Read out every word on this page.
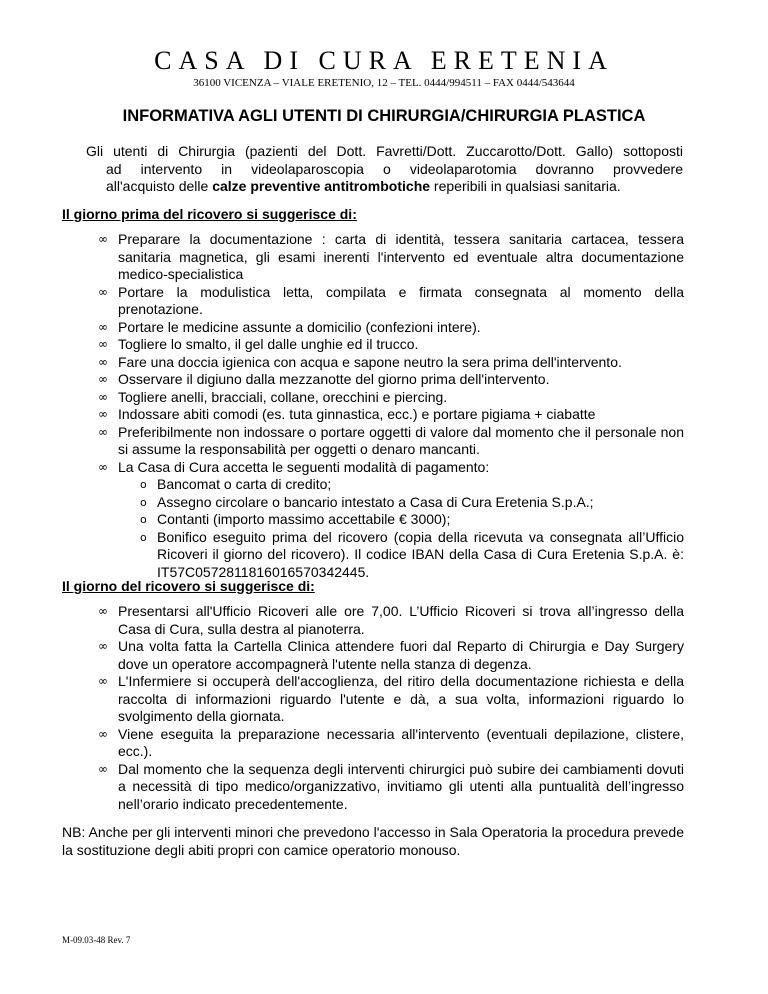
CASA DI CURA ERETENIA
36100 VICENZA – VIALE ERETENIO, 12 – TEL. 0444/994511 – FAX 0444/543644
INFORMATIVA AGLI UTENTI DI CHIRURGIA/CHIRURGIA PLASTICA
Gli utenti di Chirurgia (pazienti del Dott. Favretti/Dott. Zuccarotto/Dott. Gallo) sottoposti
ad intervento in videolaparoscopia o videolaparotomia dovranno provvedere
all'acquisto delle calze preventive antitrombotiche reperibili in qualsiasi sanitaria.
Il giorno prima del ricovero si suggerisce di:
∞ Preparare la documentazione : carta di identità, tessera sanitaria cartacea, tessera sanitaria magnetica, gli esami inerenti l'intervento ed eventuale altra documentazione medico-specialistica
∞ Portare la modulistica letta, compilata e firmata consegnata al momento della prenotazione.
∞ Portare le medicine assunte a domicilio (confezioni intere).
∞ Togliere lo smalto, il gel dalle unghie ed il trucco.
∞ Fare una doccia igienica con acqua e sapone neutro la sera prima dell'intervento.
∞ Osservare il digiuno dalla mezzanotte del giorno prima dell'intervento.
∞ Togliere anelli, bracciali, collane, orecchini e piercing.
∞ Indossare abiti comodi (es. tuta ginnastica, ecc.) e portare pigiama + ciabatte
∞ Preferibilmente non indossare o portare oggetti di valore dal momento che il personale non si assume la responsabilità per oggetti o denaro mancanti.
∞ La Casa di Cura accetta le seguenti modalità di pagamento:
o Bancomat o carta di credito;
o Assegno circolare o bancario intestato a Casa di Cura Eretenia S.p.A.;
o Contanti (importo massimo accettabile € 3000);
o Bonifico eseguito prima del ricovero (copia della ricevuta va consegnata all’Ufficio Ricoveri il giorno del ricovero). Il codice IBAN della Casa di Cura Eretenia S.p.A. è: IT57C0572811816016570342445.
Il giorno del ricovero si suggerisce di:
∞ Presentarsi all'Ufficio Ricoveri alle ore 7,00. L’Ufficio Ricoveri si trova all’ingresso della Casa di Cura, sulla destra al pianoterra.
∞ Una volta fatta la Cartella Clinica attendere fuori dal Reparto di Chirurgia e Day Surgery dove un operatore accompagnerà l'utente nella stanza di degenza.
∞ L'Infermiere si occuperà dell'accoglienza, del ritiro della documentazione richiesta e della raccolta di informazioni riguardo l'utente e dà, a sua volta, informazioni riguardo lo svolgimento della giornata.
∞ Viene eseguita la preparazione necessaria all'intervento (eventuali depilazione, clistere, ecc.).
∞ Dal momento che la sequenza degli interventi chirurgici può subire dei cambiamenti dovuti a necessità di tipo medico/organizzativo, invitiamo gli utenti alla puntualità dell’ingresso nell’orario indicato precedentemente.
NB: Anche per gli interventi minori che prevedono l'accesso in Sala Operatoria la procedura prevede la sostituzione degli abiti propri con camice operatorio monouso.
M-09.03-48 Rev. 7
